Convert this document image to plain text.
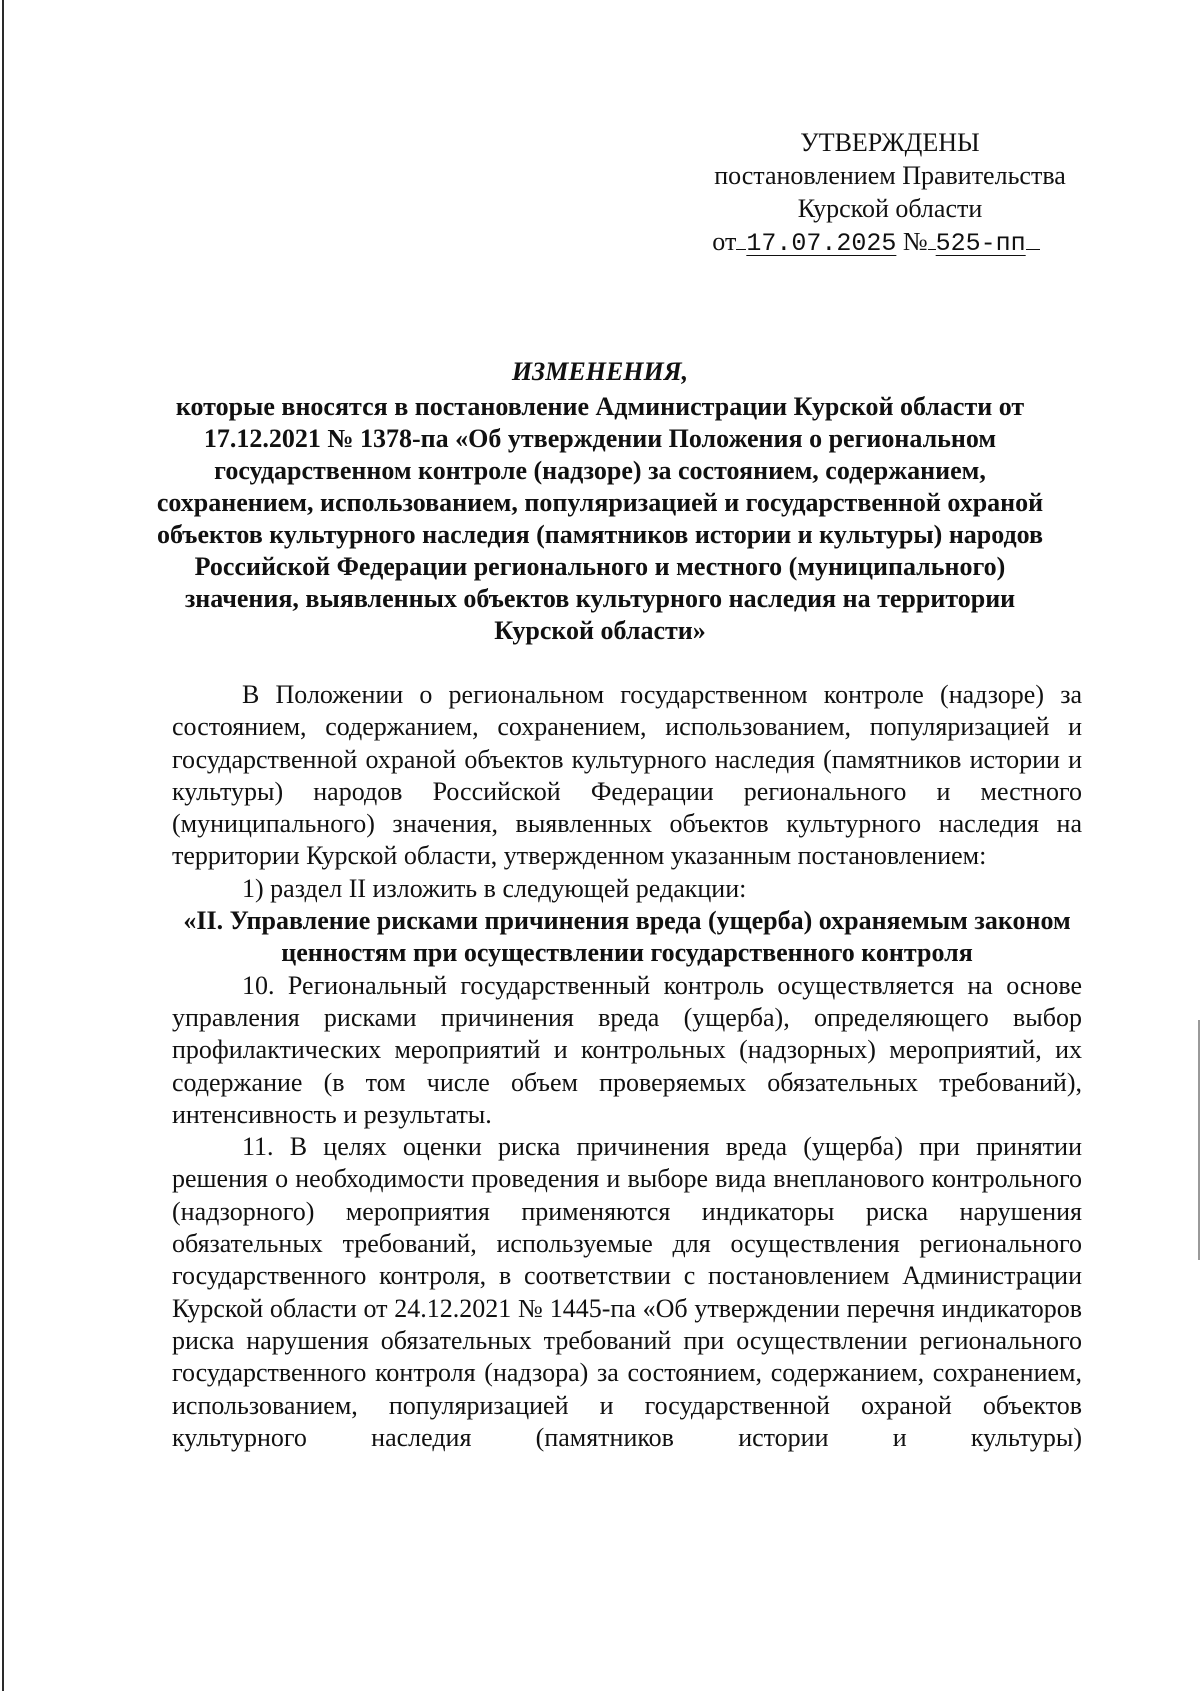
УТВЕРЖДЕНЫ
постановлением Правительства
Курской области
от 17.07.2025 № 525-пп
ИЗМЕНЕНИЯ,
которые вносятся в постановление Администрации Курской области от 17.12.2021 № 1378-па «Об утверждении Положения о региональном государственном контроле (надзоре) за состоянием, содержанием, сохранением, использованием, популяризацией и государственной охраной объектов культурного наследия (памятников истории и культуры) народов Российской Федерации регионального и местного (муниципального) значения, выявленных объектов культурного наследия на территории Курской области»

В Положении о региональном государственном контроле (надзоре) за состоянием, содержанием, сохранением, использованием, популяризацией и государственной охраной объектов культурного наследия (памятников истории и культуры) народов Российской Федерации регионального и местного (муниципального) значения, выявленных объектов культурного наследия на территории Курской области, утвержденном указанным постановлением:

1) раздел II изложить в следующей редакции:

«II. Управление рисками причинения вреда (ущерба) охраняемым законом ценностям при осуществлении государственного контроля

10. Региональный государственный контроль осуществляется на основе управления рисками причинения вреда (ущерба), определяющего выбор профилактических мероприятий и контрольных (надзорных) мероприятий, их содержание (в том числе объем проверяемых обязательных требований), интенсивность и результаты.

11. В целях оценки риска причинения вреда (ущерба) при принятии решения о необходимости проведения и выборе вида внепланового контрольного (надзорного) мероприятия применяются индикаторы риска нарушения обязательных требований, используемые для осуществления регионального государственного контроля, в соответствии с постановлением Администрации Курской области от 24.12.2021 № 1445-па «Об утверждении перечня индикаторов риска нарушения обязательных требований при осуществлении регионального государственного контроля (надзора) за состоянием, содержанием, сохранением, использованием, популяризацией и государственной охраной объектов культурного наследия (памятников истории и культуры)
